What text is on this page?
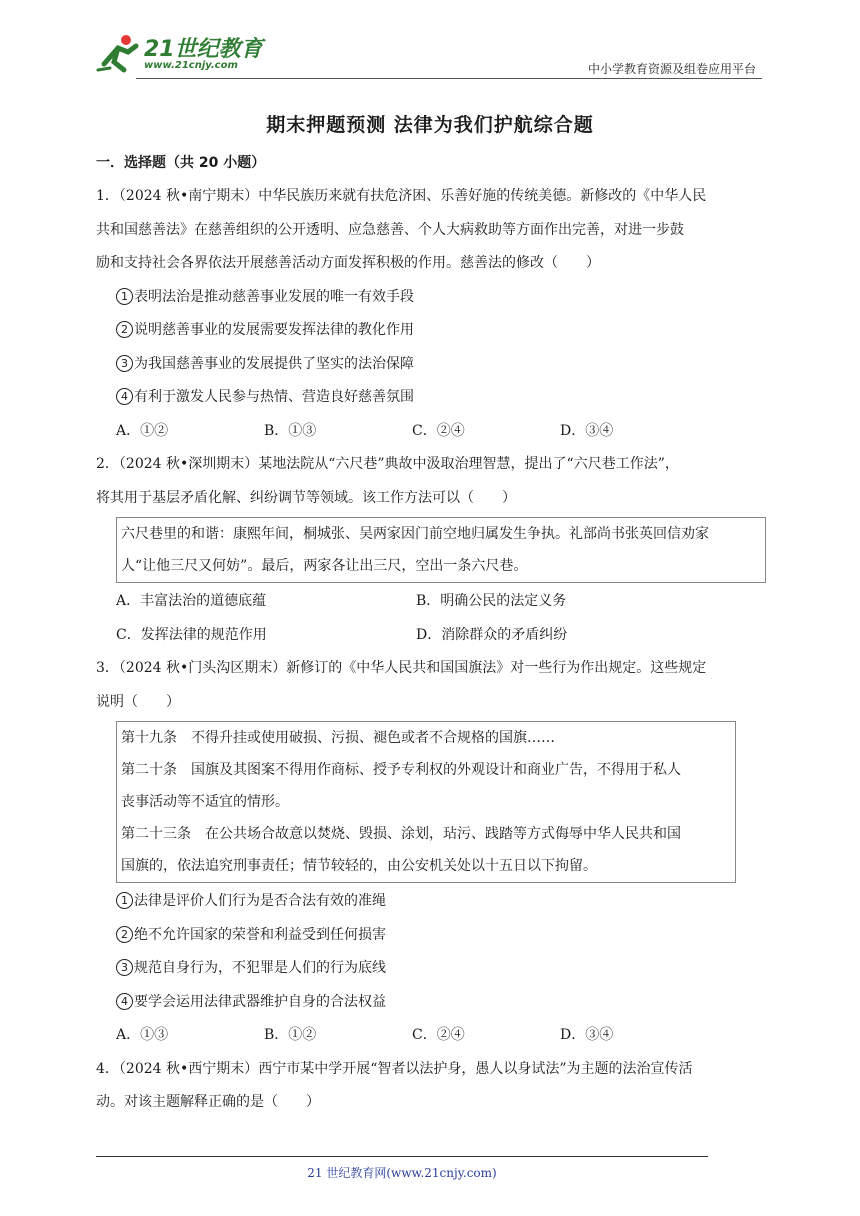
21世纪教育
www.21cnjy.com	中小学教育资源及组卷应用平台
期末押题预测 法律为我们护航综合题
一．选择题（共 20 小题）

1．（2024 秋•南宁期末）中华民族历来就有扶危济困、乐善好施的传统美德。新修改的《中华人民

共和国慈善法》在慈善组织的公开透明、应急慈善、个人大病救助等方面作出完善，对进一步鼓

励和支持社会各界依法开展慈善活动方面发挥积极的作用。慈善法的修改（　　）

1 表明法治是推动慈善事业发展的唯一有效手段

2 说明慈善事业的发展需要发挥法律的教化作用

3 为我国慈善事业的发展提供了坚实的法治保障

4 有利于激发人民参与热情、营造良好慈善氛围

A．①②	B．①③	C．②④	D．③④

2．（2024 秋•深圳期末）某地法院从“六尺巷”典故中汲取治理智慧，提出了“六尺巷工作法”，

将其用于基层矛盾化解、纠纷调节等领域。该工作方法可以（　　）

六尺巷里的和谐：康熙年间，桐城张、吴两家因门前空地归属发生争执。礼部尚书张英回信劝家

人“让他三尺又何妨”。最后，两家各让出三尺，空出一条六尺巷。

A．丰富法治的道德底蕴	B．明确公民的法定义务
C．发挥法律的规范作用	D．消除群众的矛盾纠纷

3．（2024 秋•门头沟区期末）新修订的《中华人民共和国国旗法》对一些行为作出规定。这些规定

说明（　　）

第十九条　不得升挂或使用破损、污损、褪色或者不合规格的国旗……

第二十条　国旗及其图案不得用作商标、授予专利权的外观设计和商业广告，不得用于私人

丧事活动等不适宜的情形。

第二十三条　在公共场合故意以焚烧、毁损、涂划，玷污、践踏等方式侮辱中华人民共和国

国旗的，依法追究刑事责任；情节较轻的，由公安机关处以十五日以下拘留。

1 法律是评价人们行为是否合法有效的准绳

2 绝不允许国家的荣誉和利益受到任何损害

3 规范自身行为，不犯罪是人们的行为底线

4 要学会运用法律武器维护自身的合法权益

A．①③	B．①②	C．②④	D．③④

4．（2024 秋•西宁期末）西宁市某中学开展“智者以法护身，愚人以身试法”为主题的法治宣传活

动。对该主题解释正确的是（　　）

21 世纪教育网(www.21cnjy.com)
